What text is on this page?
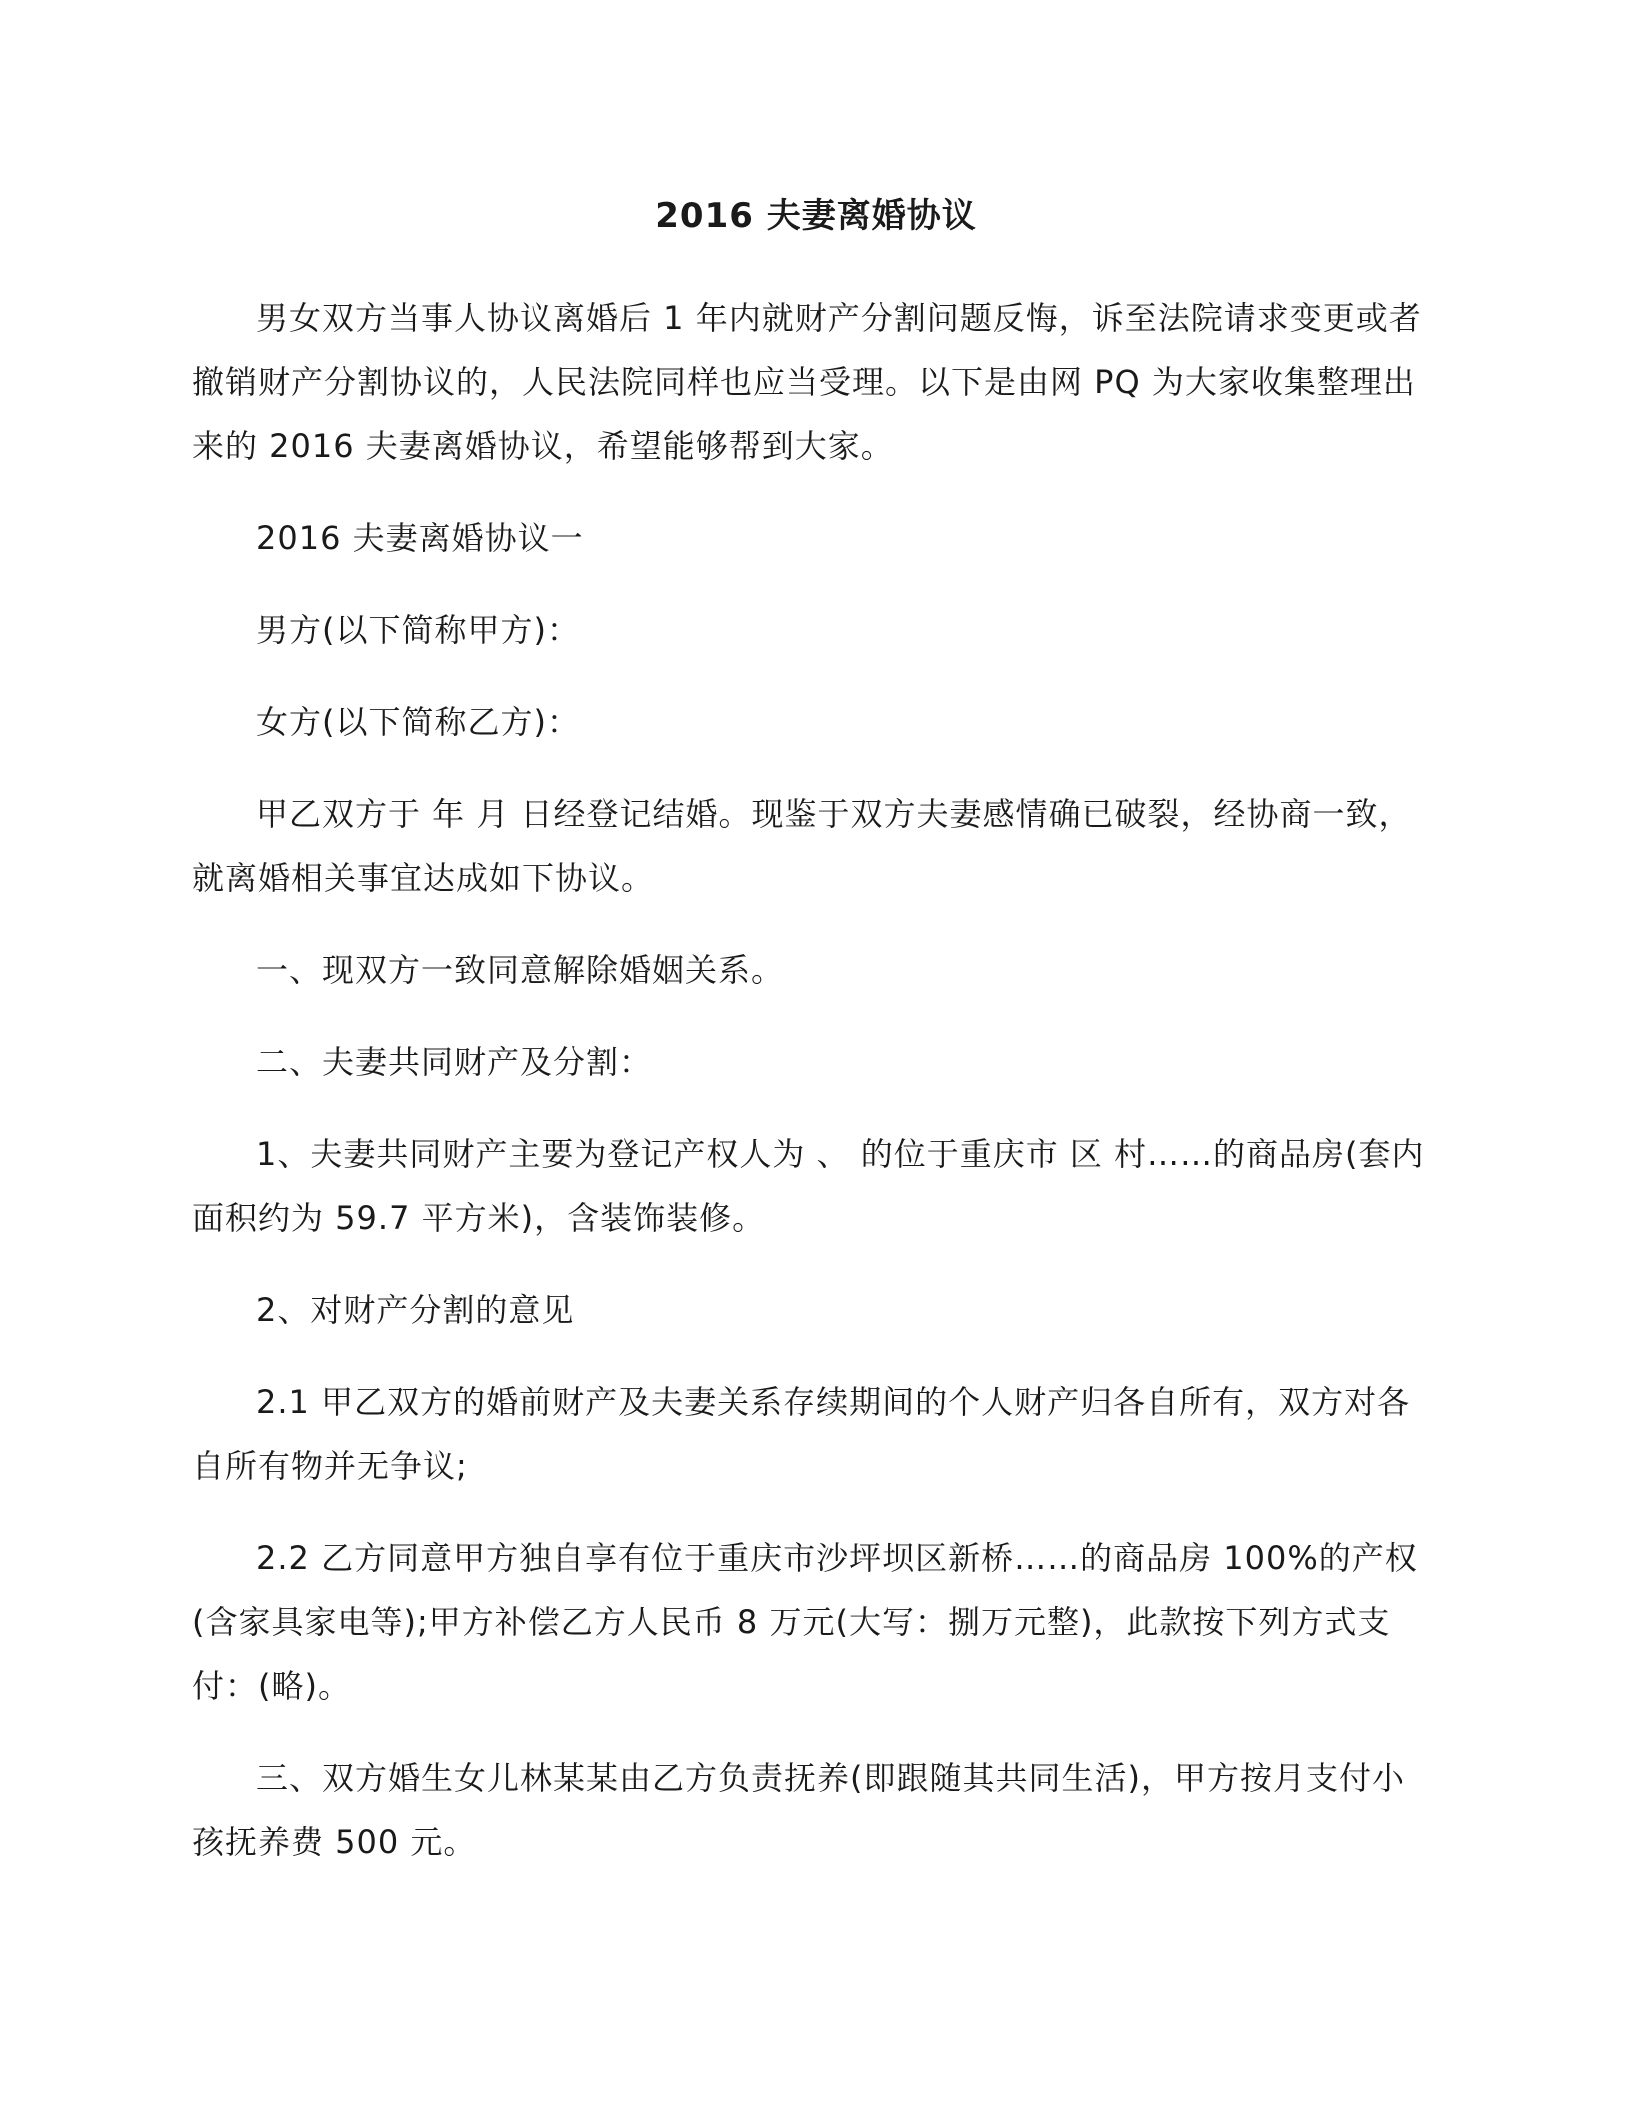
2016 夫妻离婚协议

男女双方当事人协议离婚后 1 年内就财产分割问题反悔，诉至法院请求变更或者撤销财产分割协议的，人民法院同样也应当受理。以下是由网 PQ 为大家收集整理出来的 2016 夫妻离婚协议，希望能够帮到大家。

2016 夫妻离婚协议一

男方(以下简称甲方)：

女方(以下简称乙方)：

甲乙双方于 年 月 日经登记结婚。现鉴于双方夫妻感情确已破裂，经协商一致，就离婚相关事宜达成如下协议。

一、现双方一致同意解除婚姻关系。

二、夫妻共同财产及分割：

1、夫妻共同财产主要为登记产权人为 、 的位于重庆市 区 村……的商品房(套内面积约为 59.7 平方米)，含装饰装修。

2、对财产分割的意见

2.1 甲乙双方的婚前财产及夫妻关系存续期间的个人财产归各自所有，双方对各自所有物并无争议;

2.2 乙方同意甲方独自享有位于重庆市沙坪坝区新桥……的商品房 100%的产权(含家具家电等);甲方补偿乙方人民币 8 万元(大写：捌万元整)，此款按下列方式支付：(略)。

三、双方婚生女儿林某某由乙方负责抚养(即跟随其共同生活)，甲方按月支付小孩抚养费 500 元。
